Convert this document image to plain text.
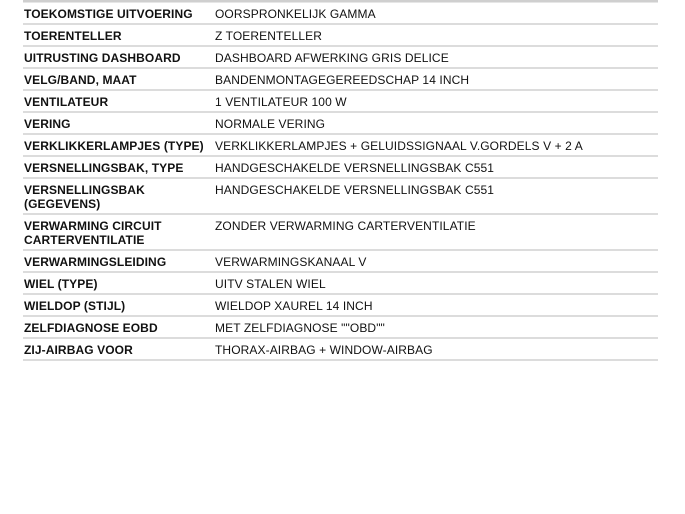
TOEKOMSTIGE UITVOERING	OORSPRONKELIJK GAMMA
TOERENTELLER	Z TOERENTELLER
UITRUSTING DASHBOARD	DASHBOARD AFWERKING GRIS DELICE
VELG/BAND, MAAT	BANDENMONTAGEGEREEDSCHAP 14 INCH
VENTILATEUR	1 VENTILATEUR 100 W
VERING	NORMALE VERING
VERKLIKKERLAMPJES (TYPE)	VERKLIKKERLAMPJES + GELUIDSSIGNAAL V.GORDELS V + 2 A
VERSNELLINGSBAK, TYPE	HANDGESCHAKELDE VERSNELLINGSBAK C551
VERSNELLINGSBAK (GEGEVENS)	HANDGESCHAKELDE VERSNELLINGSBAK C551
VERWARMING CIRCUIT CARTERVENTILATIE	ZONDER VERWARMING CARTERVENTILATIE
VERWARMINGSLEIDING	VERWARMINGSKANAAL V
WIEL (TYPE)	UITV STALEN WIEL
WIELDOP (STIJL)	WIELDOP XAUREL 14 INCH
ZELFDIAGNOSE EOBD	MET ZELFDIAGNOSE ""OBD""
ZIJ-AIRBAG VOOR	THORAX-AIRBAG + WINDOW-AIRBAG
